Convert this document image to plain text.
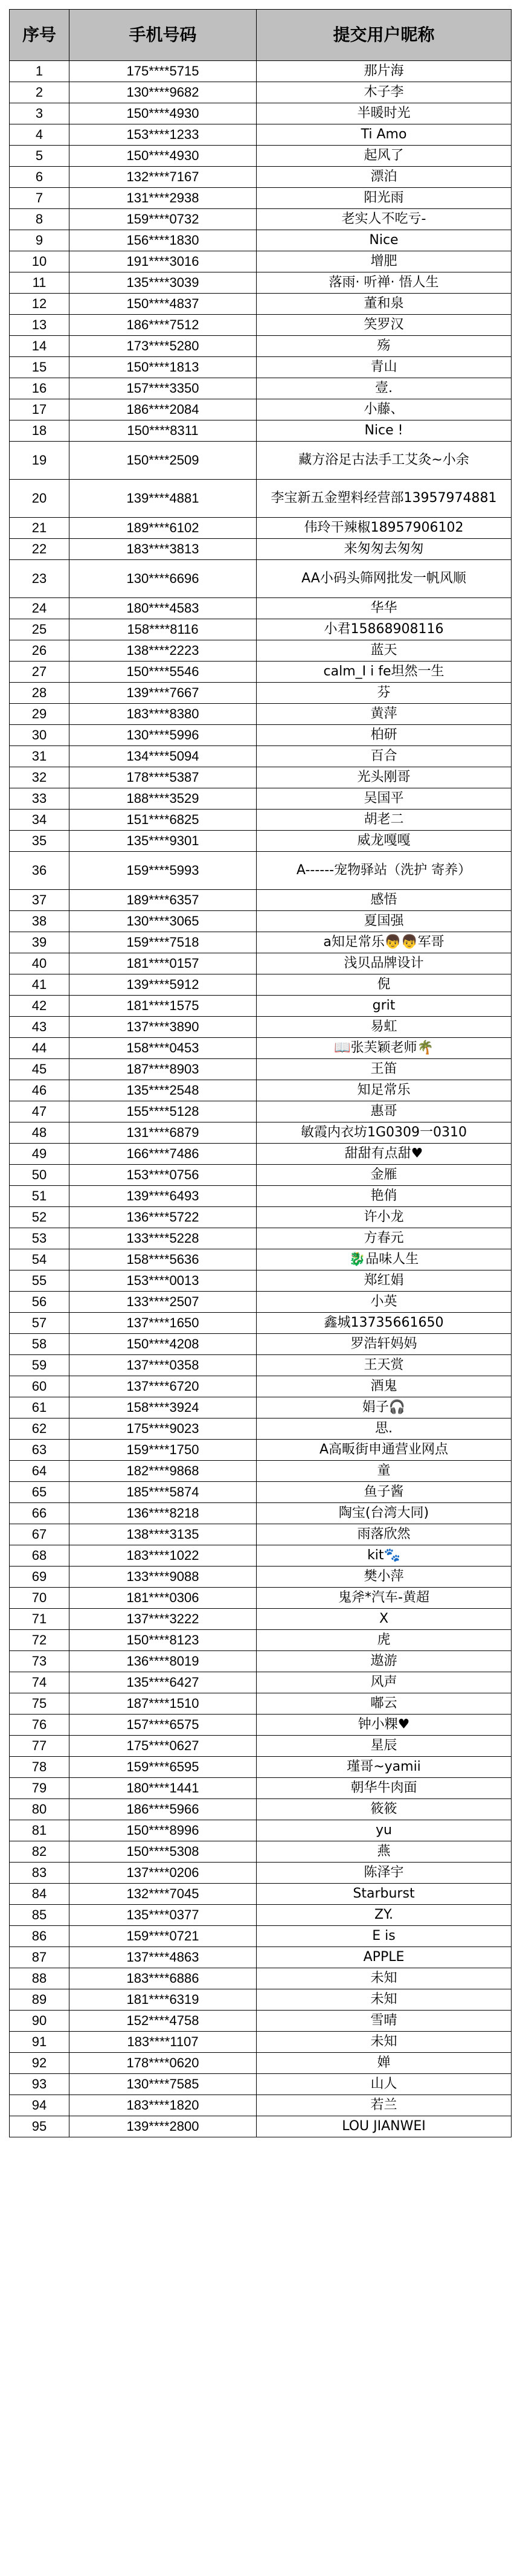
序号	手机号码	提交用户昵称
1	175****5715	那片海
2	130****9682	木子李
3	150****4930	半暖时光
4	153****1233	Ti Amo
5	150****4930	起风了
6	132****7167	漂泊
7	131****2938	阳光雨
8	159****0732	老实人不吃亏-
9	156****1830	Nice
10	191****3016	增肥
11	135****3039	落雨· 听禅· 悟人生
12	150****4837	董和泉
13	186****7512	笑罗汉
14	173****5280	殇
15	150****1813	青山
16	157****3350	壹.
17	186****2084	小藤、
18	150****8311	Nice !
19	150****2509	藏方浴足古法手工艾灸~小余
20	139****4881	李宝新五金塑料经营部13957974881
21	189****6102	伟玲干辣椒18957906102
22	183****3813	来匆匆去匆匆
23	130****6696	AA小码头筛网批发一帆风顺
24	180****4583	华华
25	158****8116	小君15868908116
26	138****2223	蓝天
27	150****5546	calm_I i fe坦然一生
28	139****7667	芬
29	183****8380	黄萍
30	130****5996	柏研
31	134****5094	百合
32	178****5387	光头刚哥
33	188****3529	吴国平
34	151****6825	胡老二
35	135****9301	威龙嘎嘎
36	159****5993	A------宠物驿站（洗护 寄养）
37	189****6357	感悟
38	130****3065	夏国强
39	159****7518	a知足常乐👦👦军哥
40	181****0157	浅贝品牌设计
41	139****5912	倪
42	181****1575	grit
43	137****3890	易虹
44	158****0453	📖张芙颖老师🌴
45	187****8903	王笛
46	135****2548	知足常乐
47	155****5128	惠哥
48	131****6879	敏霞内衣坊1G0309一0310
49	166****7486	甜甜有点甜♥
50	153****0756	金雁
51	139****6493	艳俏
52	136****5722	许小龙
53	133****5228	方春元
54	158****5636	🐉品味人生
55	153****0013	郑红娟
56	133****2507	小英
57	137****1650	鑫城13735661650
58	150****4208	罗浩轩妈妈
59	137****0358	王天赏
60	137****6720	酒鬼
61	158****3924	娟子🎧
62	175****9023	思.
63	159****1750	A高畈街申通营业网点
64	182****9868	童
65	185****5874	鱼子酱
66	136****8218	陶宝(台湾大同)
67	138****3135	雨落欣然
68	183****1022	kit🐾
69	133****9088	樊小萍
70	181****0306	鬼斧*汽车-黄超
71	137****3222	X
72	150****8123	虎
73	136****8019	遨游
74	135****6427	风声
75	187****1510	嘟云
76	157****6575	钟小粿♥
77	175****0627	星辰
78	159****6595	瑾哥~yamii
79	180****1441	朝华牛肉面
80	186****5966	筱筱
81	150****8996	yu
82	150****5308	燕
83	137****0206	陈泽宇
84	132****7045	Starburst
85	135****0377	ZY.
86	159****0721	E is
87	137****4863	APPLE
88	183****6886	未知
89	181****6319	未知
90	152****4758	雪晴
91	183****1107	未知
92	178****0620	婵
93	130****7585	山人
94	183****1820	若兰
95	139****2800	LOU JIANWEI
